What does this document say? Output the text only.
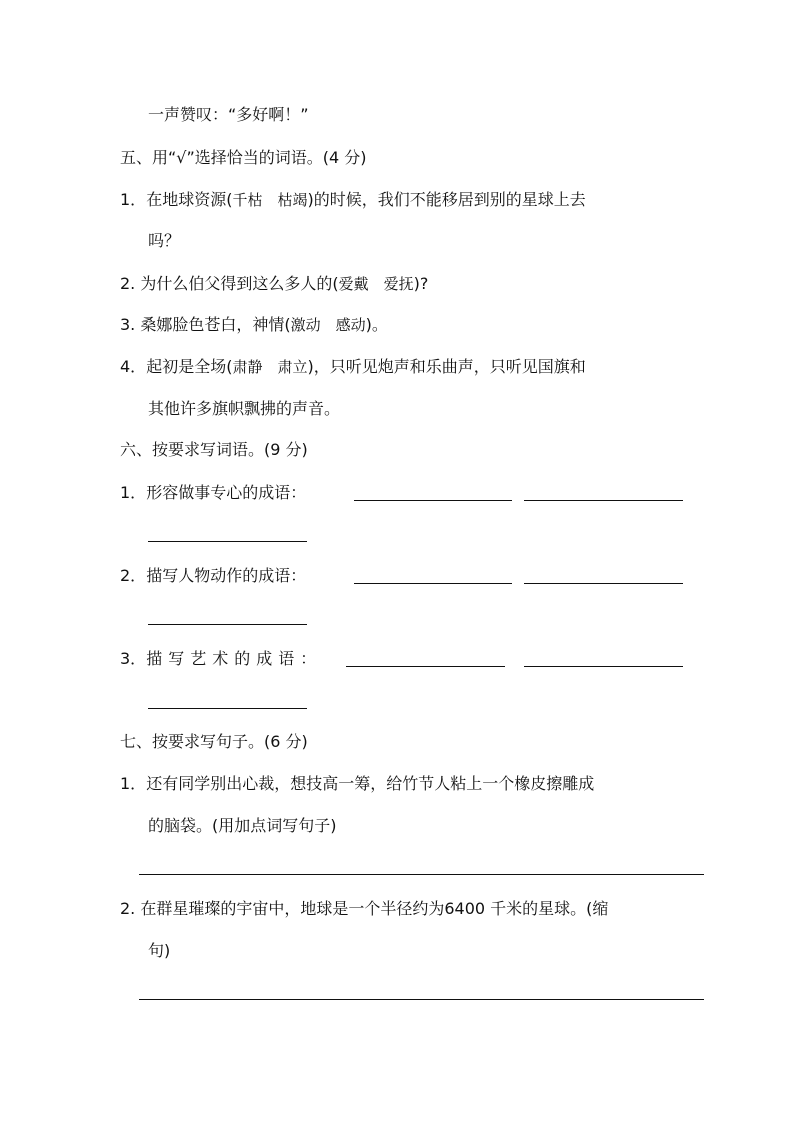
一声赞叹：“多好啊！”
五、用“√”选择恰当的词语。(4 分)
1．在地球资源(千枯　枯竭)的时候，我们不能移居到别的星球上去
吗？
2. 为什么伯父得到这么多人的(爱戴　爱抚)?
3. 桑娜脸色苍白，神情(激动　感动)。
4．起初是全场(肃静　肃立)，只听见炮声和乐曲声，只听见国旗和
其他许多旗帜飘拂的声音。
六、按要求写词语。(9 分)
1．形容做事专心的成语：
2．描写人物动作的成语：
3．描写艺术的成语：
七、按要求写句子。(6 分)
1．还有同学别出心裁，想技高一筹，给竹节人粘上一个橡皮擦雕成
的脑袋。(用加点词写句子)
2. 在群星璀璨的宇宙中，地球是一个半径约为6400 千米的星球。(缩
句)
